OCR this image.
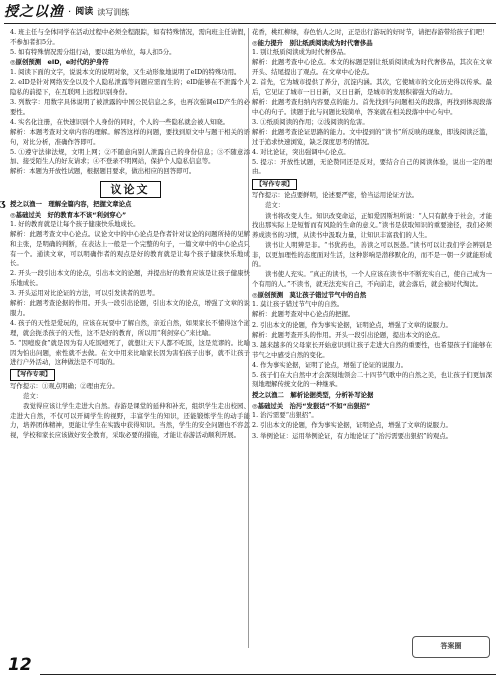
授之以渔 · 阅读 读写训练
ʒ

4. 班主任与全体同学在活动过程中必须全程跟踪，如有特殊情况，需向班主任请假，不参加者扣5分。

5. 如有特殊情况需分组行动，要以组为单位，每人扣5分。

◎原创预测　eID，e时代的护身符

1. 阅读下面的文字，说说本文的说明对象，又生动形象地说明了eID的特殊功用。

2. eID是针对网络安全以及个人隐私泄露等问题应需而生的；eID能够在不泄露个人隐私的前提下，在互联网上远程识别身份。

3. 列数字：用数字具体说明了被泄露的中国公民信息之多，也再次强调eID产生的必要性。

4. 实名化注册，在快速识别个人身份的同时，个人的一些隐私就会被人知晓。

解析：本题考查对文章内容的理解。解答这样的问题，要找到原文中与题干相关的语句，对比分析，准确作答即可。

5. ①遵守法律法规，文明上网；②不随意向别人泄露自己的身份信息；③不随意添加、接受陌生人的好友请求；④不登录不明网站，保护个人隐私信息等。

解析：本题为开放性试题，根据题目要求，做出相应的回答即可。

议论文
授之以渔一　理解全篇内容，把握文章论点
◎基础过关　好的教育本不该“利剑穿心”

1. 好的教育就是让每个孩子健康快乐地成长。

解析：此题考查文中心论点。议论文中的中心论点是作者针对议论的问题所持的见解和主张，是明确的判断，在表达上一般是一个完整的句子，一篇文章中的中心论点只有一个。通读文章，可以明确作者的观点是好的教育就是让每个孩子健康快乐地成长。

2. 开头一段引出本文的论点，引出本文的论题，并提出好的教育应该是让孩子健康快乐地成长。

3. 开头运用对比论证的方法，可以引发读者的思考。

解析：此题考查论据的作用。开头一段引出论题，引出本文的论点，增强了文章的说服力。

4. 孩子的天性是爱玩的，应该在玩耍中了解自然，亲近自然，如果家长不懂得这个道理，就会扼杀孩子的天性，这不是好的教育，所以用“利剑穿心”来比喻。

5. “因噎废食”就是因为有人吃饭噎死了，就想让天下人都不吃饭，这是荒谬的。比喻因为怕出问题，索性就不去做。在文中用来比喻家长因为害怕孩子出事，就不让孩子进行户外活动，这种做法是不可取的。

【写作专项】

写作提示：①观点明确；②理由充分。

范文：

我觉得应该让学生走进大自然。春游是课堂的延伸和补充，组织学生走出校园、走进大自然，不仅可以开阔学生的视野，丰富学生的知识，还能锻炼学生的动手能力，培养团体精神，更能让学生在实践中获得知识。当然，学生的安全问题也不容忽视，学校和家长应该做好安全教育，采取必要的措施，才能让春游活动顺利开展。

花香，桃红柳绿，春色怡人之时，正是出行游玩的好时节，请把春游带给孩子们吧！

◎能力提升　别让纸质阅读成为时代奢侈品

1. 别让纸质阅读成为时代奢侈品。

解析：此题考查中心论点。本文的标题是别让纸质阅读成为时代奢侈品，其次在文章开头、结尾提出了观点。在文章中心论点。

2. 首先，它为城市提供了养分，沉淀内涵。其次，它使城市的文化历史得以传承。最后，它见证了城市一日日新，又日日新，是城市的发展积蓄强大的动力。

解析：此题考查归纳内容要点的能力。首先找到与问题相关的段落，再找到体现段落中心的句子。读题于此与问题比较简单，答案就在相关段落中中心句中。

3. ①纸质阅读的作用；②浅阅读的危害。

解析：此题考查论证思路的能力。文中提到的“读书”所反映的现象，即浅阅读泛滥，过于追求快速浏览，缺乏深度思考的情况。

4. 对比论证，突出强调中心论点。

5. 提示：开放性试题，无论赞同还是反对，要结合自己的阅读体验，说出一定的理由。

【写作专项】

写作提示：论点要鲜明，论述要严密，恰当运用论证方法。

范文：

读书将改变人生。知识改变命运，正如爱因斯坦所说：“人只有献身于社会，才能找出那实际上是短暂而有风险的生命的意义。”读书是获取知识的重要途径，我们必须养成读书的习惯，从读书中汲取力量，让知识丰富我们的人生。

读书让人明辨是非。“书犹药也，善读之可以医愚。”读书可以让我们学会辨别是非，以更加理性的态度面对生活，这种影响是潜移默化的，而不是一朝一夕就能形成的。

读书使人充实。“真正的读书，一个人应该在读书中不断充实自己，使自己成为一个有用的人。”不读书，就无法充实自己，不向前走，就会落后，就会被时代淘汰。

◎原创预测　莫让孩子错过节气中的自然

1. 莫让孩子错过节气中的自然。

解析：此题考查对中心论点的把握。

2. 引出本文的论题，作为事实论据，证明论点，增强了文章的说服力。

解析：此题考查开头的作用。开头一段引出论题，提出本文的论点。

3. 越来越多的父母家长开始意识到让孩子走进大自然的重要性，也希望孩子们能够在节气之中感受自然的变化。

4. 作为事实论据，证明了论点，增强了论证的说服力。

5. 孩子们在大自然中才会深刻地领会二十四节气歌中的自然之美，也让孩子们更加深刻地理解传统文化的一种继承。

授之以渔二　解析论据类型，分析补写论据
◎基础过关　治污“发狠话”不如“出狠招”

1. 治污需要“出狠招”。

2. 引出本文的论题，作为事实论据，证明论点，增强了文章的说服力。

3. 举例论证：运用举例论证，有力地论证了“治污需要出狠招”的观点。

12
答案圈
